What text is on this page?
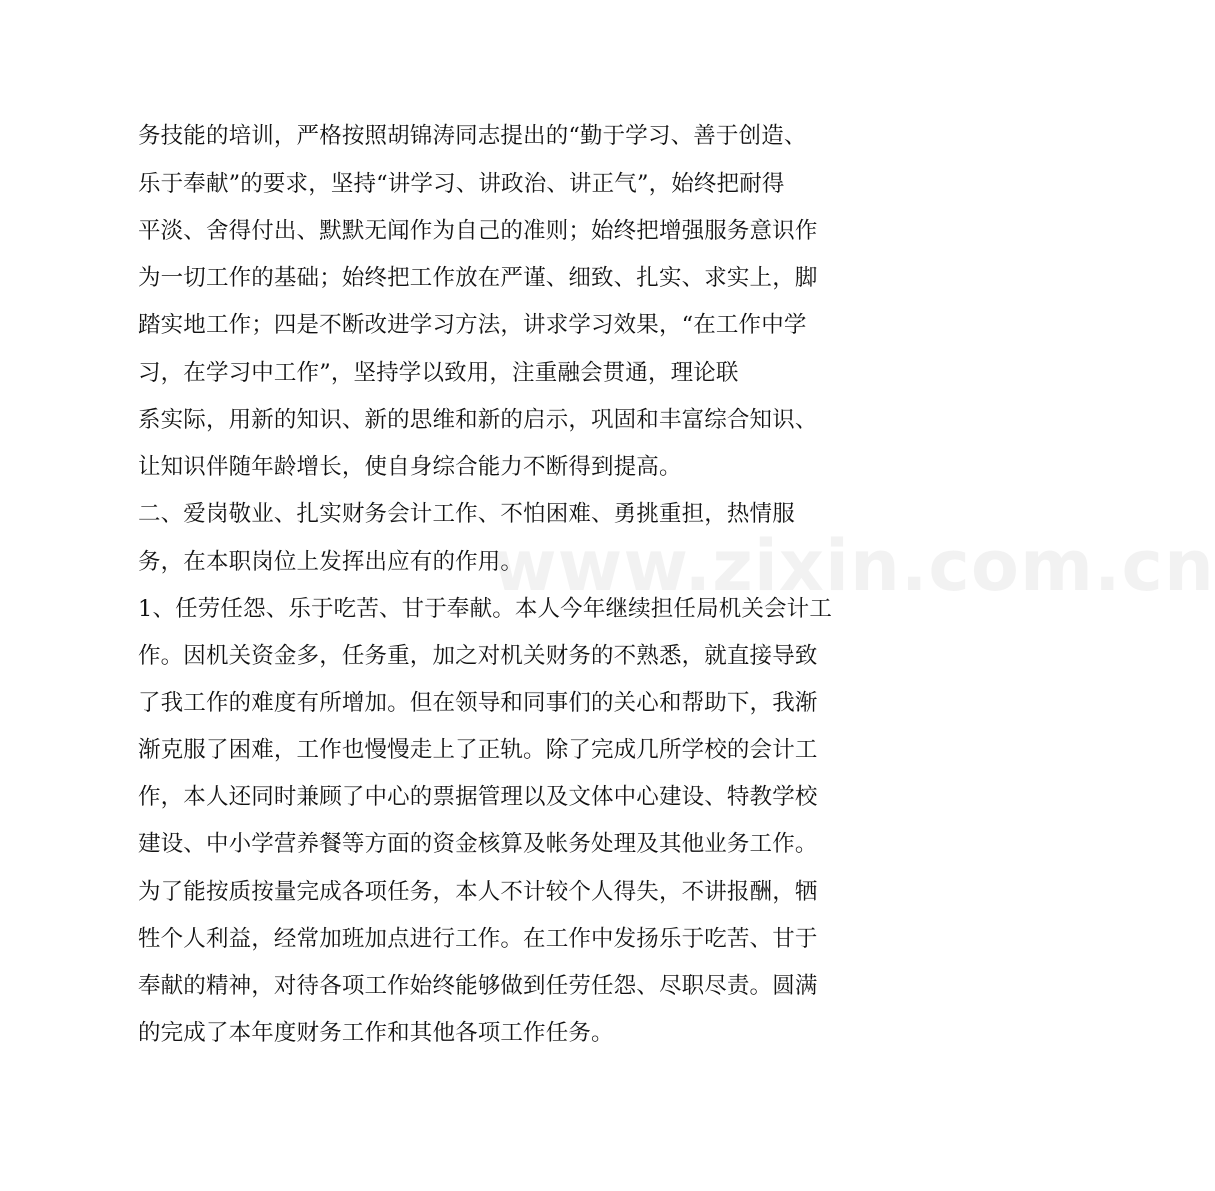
www.zixin.com.cn
务技能的培训，严格按照胡锦涛同志提出的“勤于学习、善于创造、
乐于奉献”的要求，坚持“讲学习、讲政治、讲正气”，始终把耐得
平淡、舍得付出、默默无闻作为自己的准则；始终把增强服务意识作
为一切工作的基础；始终把工作放在严谨、细致、扎实、求实上，脚
踏实地工作；四是不断改进学习方法，讲求学习效果，“在工作中学
习，在学习中工作”，坚持学以致用，注重融会贯通，理论联
系实际，用新的知识、新的思维和新的启示，巩固和丰富综合知识、
让知识伴随年龄增长，使自身综合能力不断得到提高。
二、爱岗敬业、扎实财务会计工作、不怕困难、勇挑重担，热情服
务，在本职岗位上发挥出应有的作用。
1、任劳任怨、乐于吃苦、甘于奉献。本人今年继续担任局机关会计工
作。因机关资金多，任务重，加之对机关财务的不熟悉，就直接导致
了我工作的难度有所增加。但在领导和同事们的关心和帮助下，我渐
渐克服了困难，工作也慢慢走上了正轨。除了完成几所学校的会计工
作，本人还同时兼顾了中心的票据管理以及文体中心建设、特教学校
建设、中小学营养餐等方面的资金核算及帐务处理及其他业务工作。
为了能按质按量完成各项任务，本人不计较个人得失，不讲报酬，牺
牲个人利益，经常加班加点进行工作。在工作中发扬乐于吃苦、甘于
奉献的精神，对待各项工作始终能够做到任劳任怨、尽职尽责。圆满
的完成了本年度财务工作和其他各项工作任务。
